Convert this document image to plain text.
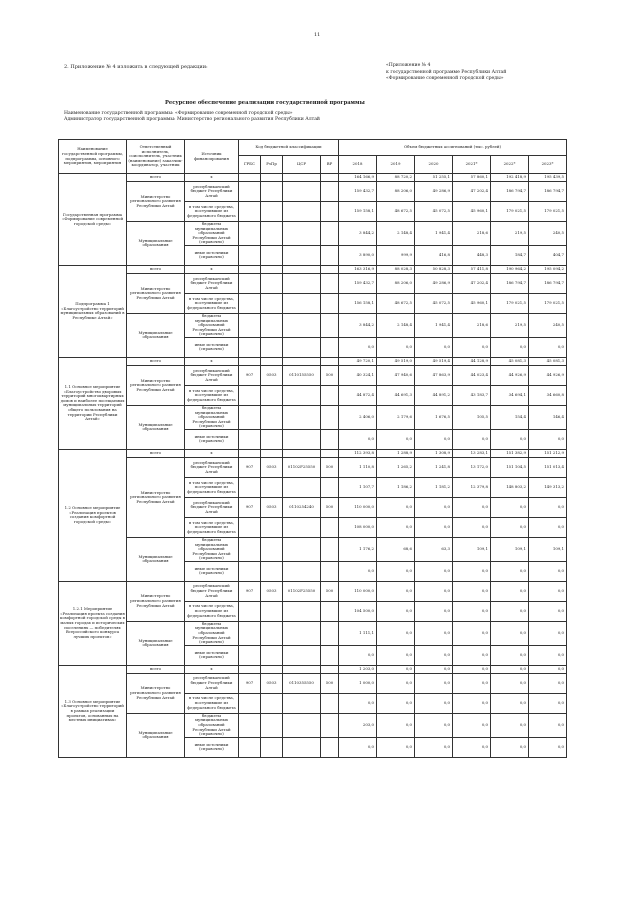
11
2. Приложение № 4 изложить в следующей редакции:	«Приложение № 4
к государственной программе Республики Алтай
«Формирование современной городской среды»
Ресурсное обеспечение реализации государственной программы
Наименование государственной программы: «Формирование современной городской среды»
Администратор государственной программы: Министерство регионального развития Республики Алтай
Наименование государственной программы, подпрограммы, основного мероприятия, мероприятия	Ответственный исполнитель, соисполнитель, участник (наименование) заказчик-координатор, участник	Источник финансирования	Код бюджетной классификации				Объем бюджетных ассигнований (тыс. рублей)					
			ГРБС	РзПр	ЦСР	ВР	2018	2019	2020	2021*	2022*	2023*
Государственная программа «Формирование современной городской среды»	всего	х					164 166,9	88 720,2	51 255,1	57 860,1	192 418,9	195 439,5
	Министерство регионального развития Республики Алтай	республиканский бюджет Республики Алтай					159 432,7	88 206,0	49 286,9	47 202,4	186 794,7	186 794,7
		в том числе средства, поступившие из федерального бюджета					159 158,1	48 672,5	45 072,5	45 960,1	179 021,5	179 021,5
	Муниципальные образования	бюджеты муниципальных образований Республики Алтай (справочно)					3 844,2	2 148,4	1 941,4	218,6	219,5	240,5
		иные источники (справочно)					3 890,0	999,9	416,8	448,3	184,7	404,7
Подпрограмма 1 «Благоустройство территорий муниципальных образований в Республике Алтай»	всего	х					163 316,9	88 028,3	50 828,3	57 411,8	190 964,2	195 094,2
	Министерство регионального развития Республики Алтай	республиканский бюджет Республики Алтай					159 432,7	88 206,0	49 286,9	47 202,4	186 794,7	186 794,7
		в том числе средства, поступившие из федерального бюджета					156 158,1	48 672,5	45 072,5	45 960,1	179 021,5	179 021,5
	Муниципальные образования	бюджеты муниципальных образований Республики Алтай (справочно)					3 844,2	2 148,4	1 941,4	218,6	219,5	240,5
		иные источники (справочно)					0,0	0,0	0,0	0,0	0,0	0,0
1.1 Основное мероприятие «Благоустройство дворовых территорий многоквартирных домов и наиболее посещаемых муниципальных территорий общего пользования на территории Республики Алтай»	всего	х					49 720,1	49 519,0	49 519,4	44 128,9	45 081,3	45 081,3
	Министерство регионального развития Республики Алтай	республиканский бюджет Республики Алтай	907	0503	0110155550	500	40 324,1	47 940,6	47 863,9	44 023,4	44 926,9	44 926,9
		в том числе средства, поступившие из федерального бюджета					44 872,4	44 691,3	44 891,2	43 183,7	34 694,1	34 660,8
	Муниципальные образования	бюджеты муниципальных образований Республики Алтай (справочно)					2 406,0	2 179,6	1 676,5	105,5	154,4	146,4
		иные источники (справочно)					0,0	0,0	0,0	0,0	0,0	0,0
1.2 Основное мероприятие «Реализация проектов создания комфортной городской среды»	всего	х					112 393,8	1 288,9	1 308,9	13 283,1	151 382,9	151 212,9
	Министерство регионального развития Республики Алтай	республиканский бюджет Республики Алтай	907	0503	01102F25550	500	1 110,8	1 265,2	1 241,8	13 172,0	151 104,5	151 013,4
		в том числе средства, поступившие из федерального бюджета					1 107,7	1 186,2	1 181,2	12 379,8	148 803,2	149 313,2
		республиканский бюджет Республики Алтай	907	0503	0110254240	500	110 000,0	0,0	0,0	0,0	0,0	0,0
		в том числе средства, поступившие из федерального бюджета					108 000,0	0,0	0,0	0,0	0,0	0,0
	Муниципальные образования	бюджеты муниципальных образований Республики Алтай (справочно)					1 176,2	68,6	63,3	109,1	109,1	109,1
		иные источники (справочно)					0,0	0,0	0,0	0,0	0,0	0,0
1.2.1 Мероприятие «Реализация проекта создания комфортной городской среды в малых городах и исторических поселениях — победителях Всероссийского конкурса лучших проектов»	Министерство регионального развития Республики Алтай	республиканский бюджет Республики Алтай	907	0503	01102F25550	500	110 000,0	0,0	0,0	0,0	0,0	0,0
		в том числе средства, поступившие из федерального бюджета					104 500,0	0,0	0,0	0,0	0,0	0,0
	Муниципальные образования	бюджеты муниципальных образований Республики Алтай (справочно)					1 111,1	0,0	0,0	0,0	0,0	0,0
		иные источники (справочно)					0,0	0,0	0,0	0,0	0,0	0,0
1.3 Основное мероприятие «Благоустройство территорий в рамках реализации проектов, основанных на местных инициативах»	всего	х					1 203,0	0,0	0,0	0,0	0,0	0,0
	Министерство регионального развития Республики Алтай	республиканский бюджет Республики Алтай	907	0503	0110355550	500	1 000,0	0,0	0,0	0,0	0,0	0,0
		в том числе средства, поступившие из федерального бюджета					0,0	0,0	0,0	0,0	0,0	0,0
	Муниципальные образования	бюджеты муниципальных образований Республики Алтай (справочно)					203,0	0,0	0,0	0,0	0,0	0,0
		иные источники (справочно)					0,0	0,0	0,0	0,0	0,0	0,0
